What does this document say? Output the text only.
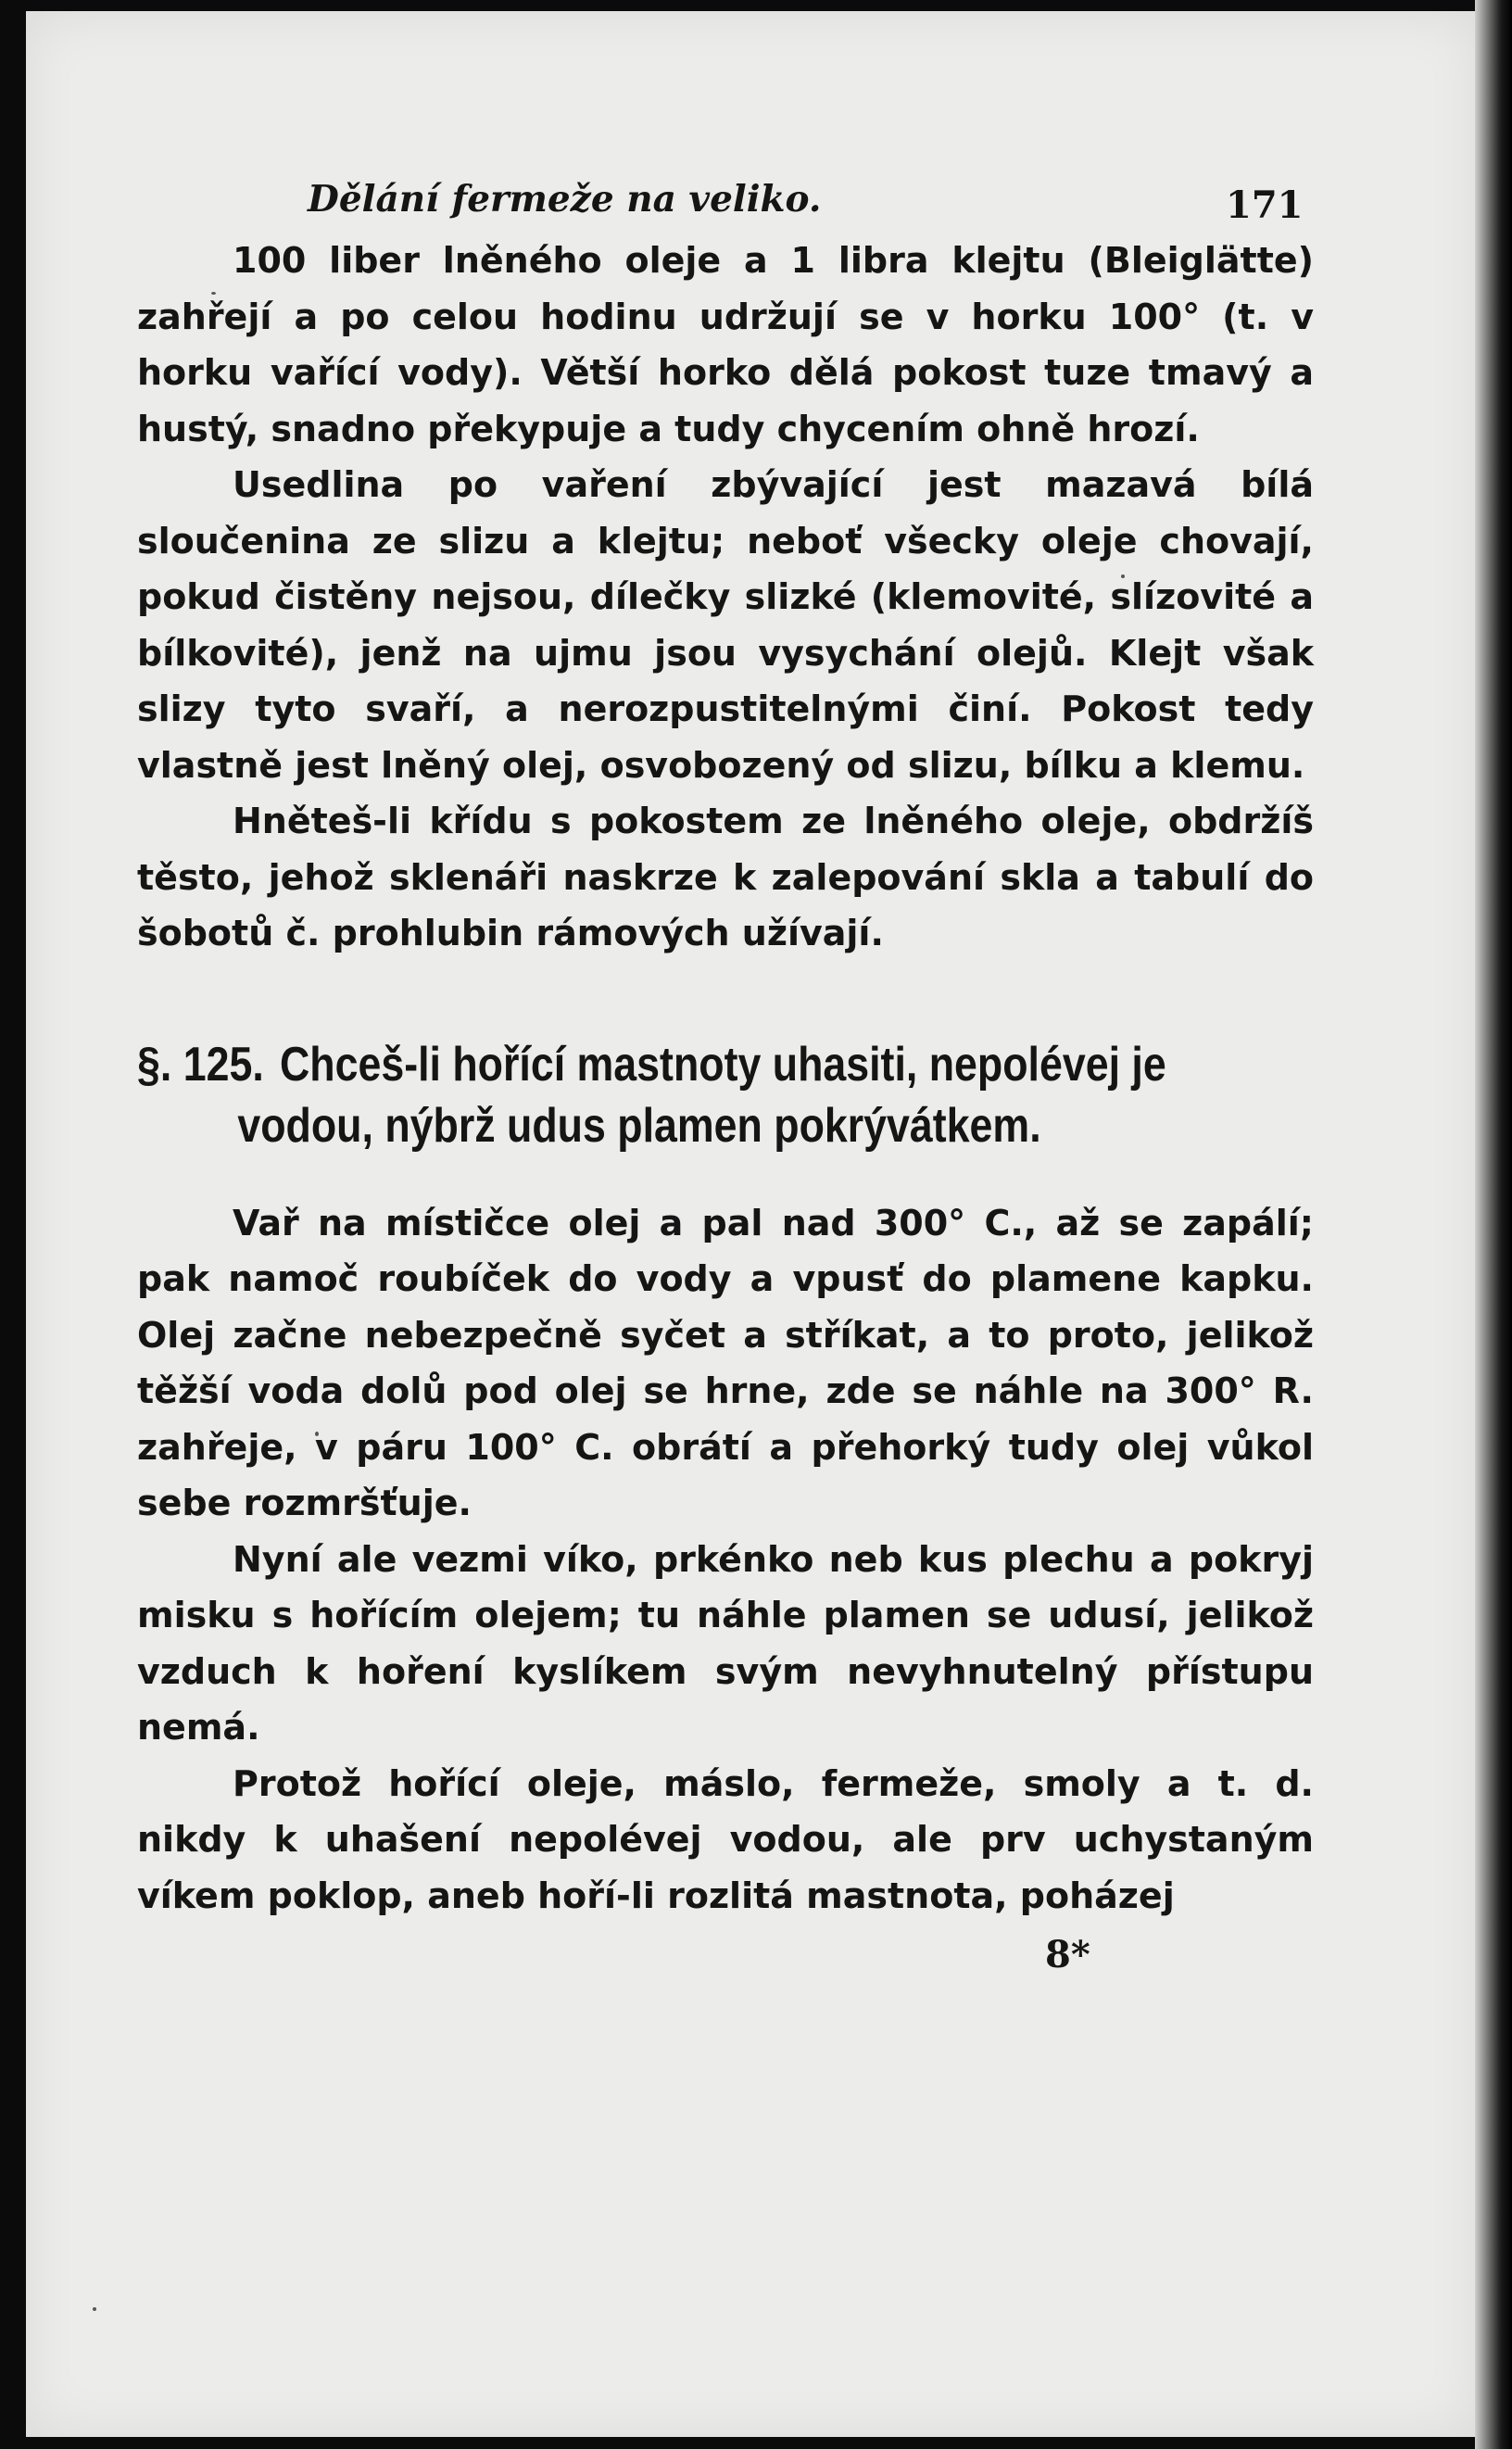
171
Dělání fermeže na veliko.

100 liber lněného oleje a 1 libra klejtu (Bleiglätte) zahřejí a po celou hodinu udržují se v horku 100° (t. v horku vařící vody). Větší horko dělá pokost tuze tmavý a hustý, snadno překypuje a tudy chycením ohně hrozí.

Usedlina po vaření zbývající jest mazavá bílá sloučenina ze slizu a klejtu; neboť všecky oleje chovají, pokud čistěny nejsou, dílečky slizké (klemovité, slízovité a bílkovité), jenž na ujmu jsou vysychání olejů. Klejt však slizy tyto svaří, a nerozpustitelnými činí. Pokost tedy vlastně jest lněný olej, osvobozený od slizu, bílku a klemu.

Hněteš-li křídu s pokostem ze lněného oleje, obdržíš těsto, jehož sklenáři naskrze k zalepování skla a tabulí do šobotů č. prohlubin rámových užívají.

§. 125. Chceš-li hořící mastnoty uhasiti, nepolévej je
vodou, nýbrž udus plamen pokrývátkem.

Vař na místičce olej a pal nad 300° C., až se zapálí; pak namoč roubíček do vody a vpusť do plamene kapku. Olej začne nebezpečně syčet a stříkat, a to proto, jelikož těžší voda dolů pod olej se hrne, zde se náhle na 300° R. zahřeje, v páru 100° C. obrátí a přehorký tudy olej vůkol sebe rozmršťuje.

Nyní ale vezmi víko, prkénko neb kus plechu a pokryj misku s hořícím olejem; tu náhle plamen se udusí, jelikož vzduch k hoření kyslíkem svým nevyhnutelný přístupu nemá.

Protož hořící oleje, máslo, fermeže, smoly a t. d. nikdy k uhašení nepolévej vodou, ale prv uchystaným víkem poklop, aneb hoří-li rozlitá mastnota, poházej

8*
